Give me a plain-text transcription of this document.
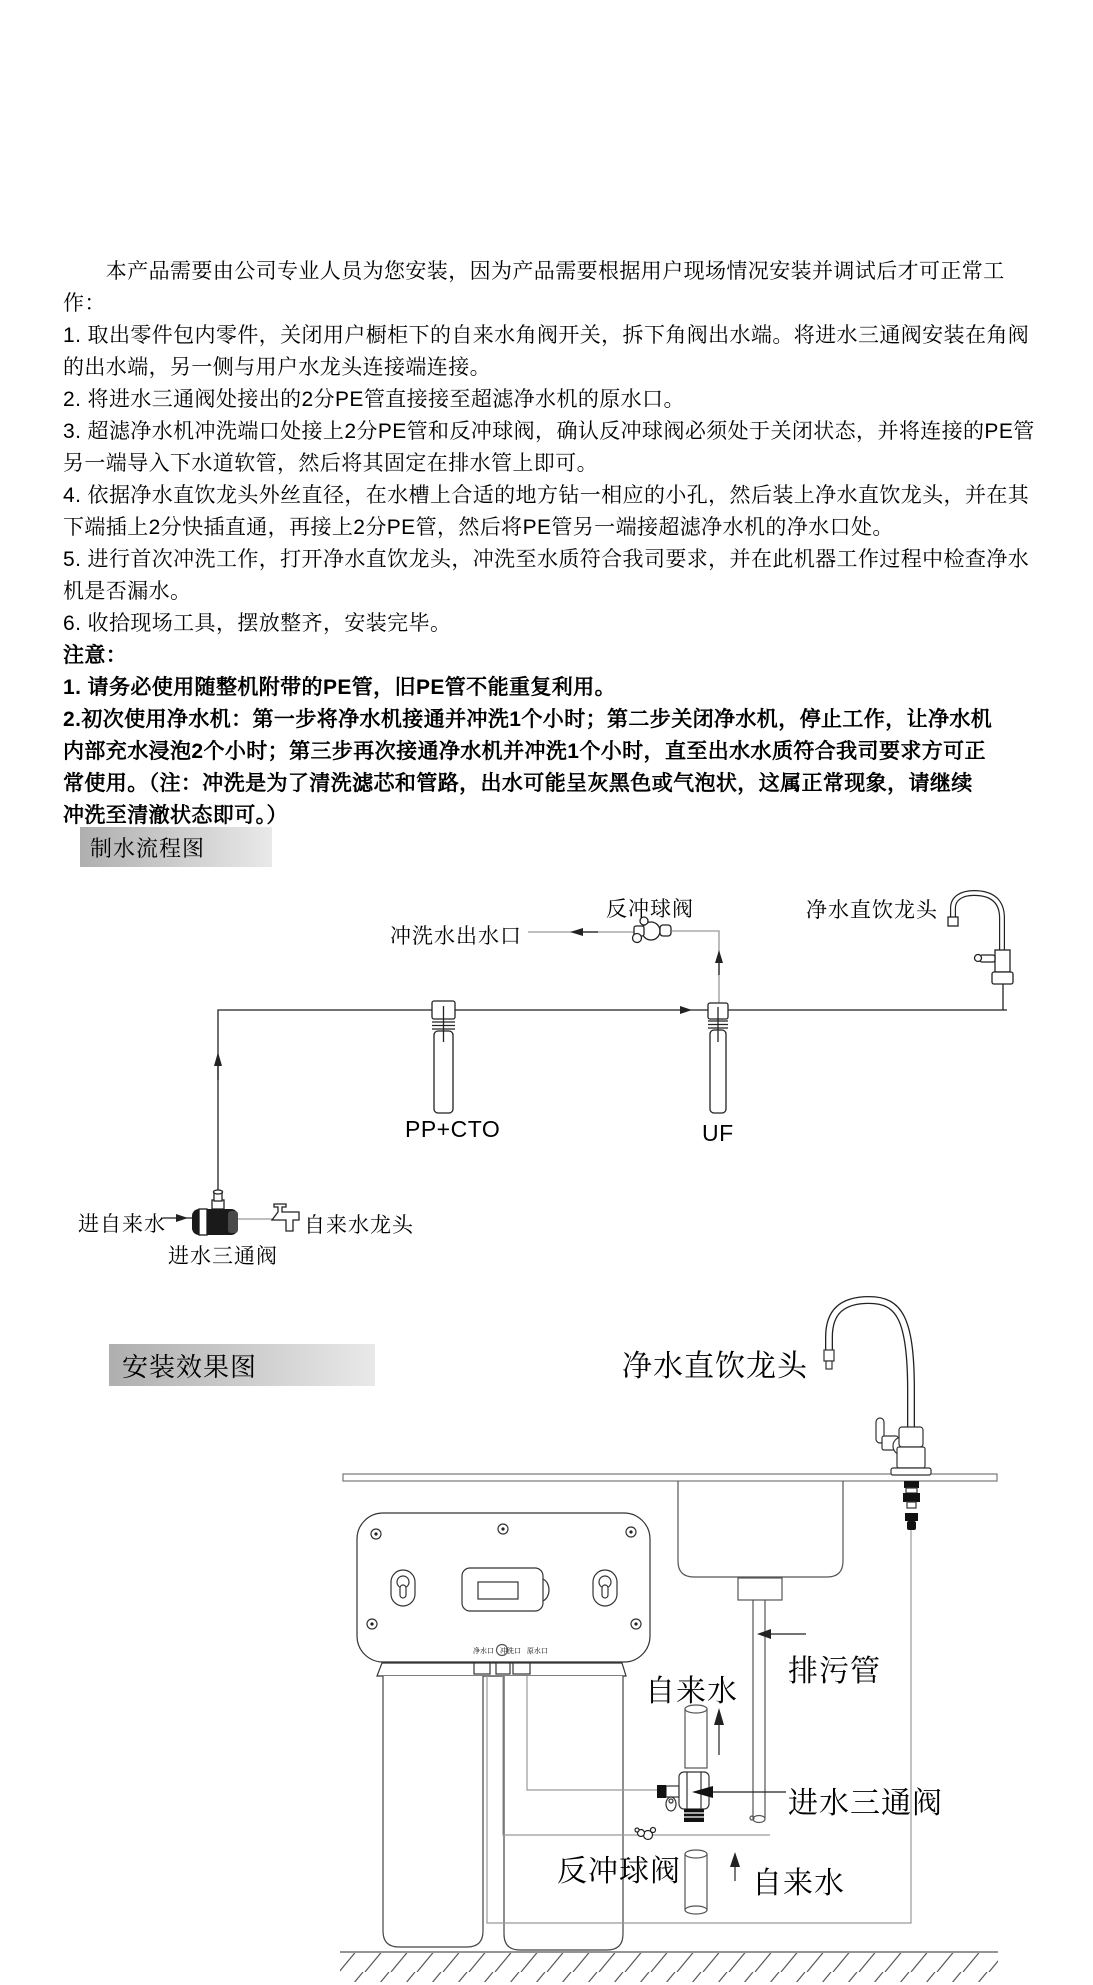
　　本产品需要由公司专业人员为您安装，因为产品需要根据用户现场情况安装并调试后才可正常工
作：
1. 取出零件包内零件，关闭用户橱柜下的自来水角阀开关，拆下角阀出水端。将进水三通阀安装在角阀
的出水端，另一侧与用户水龙头连接端连接。
2. 将进水三通阀处接出的2分PE管直接接至超滤净水机的原水口。
3. 超滤净水机冲洗端口处接上2分PE管和反冲球阀，确认反冲球阀必须处于关闭状态，并将连接的PE管
另一端导入下水道软管，然后将其固定在排水管上即可。
4. 依据净水直饮龙头外丝直径，在水槽上合适的地方钻一相应的小孔，然后装上净水直饮龙头，并在其
下端插上2分快插直通，再接上2分PE管，然后将PE管另一端接超滤净水机的净水口处。
5. 进行首次冲洗工作，打开净水直饮龙头，冲洗至水质符合我司要求，并在此机器工作过程中检查净水
机是否漏水。
6. 收拾现场工具，摆放整齐，安装完毕。
注意：
1. 请务必使用随整机附带的PE管，旧PE管不能重复利用。
2.初次使用净水机：第一步将净水机接通并冲洗1个小时；第二步关闭净水机，停止工作，让净水机
内部充水浸泡2个小时；第三步再次接通净水机并冲洗1个小时，直至出水水质符合我司要求方可正
常使用。（注：冲洗是为了清洗滤芯和管路，出水可能呈灰黑色或气泡状，这属正常现象，请继续
冲洗至清澈状态即可。）
制水流程图
安装效果图
冲洗水出水口
反冲球阀	净水直饮龙头
PP+CTO	UF
进自来水	自来水龙头
进水三通阀
净水直饮龙头
排污管
自来水
进水三通阀
反冲球阀 自来水
净水口 冲洗口 原水口
